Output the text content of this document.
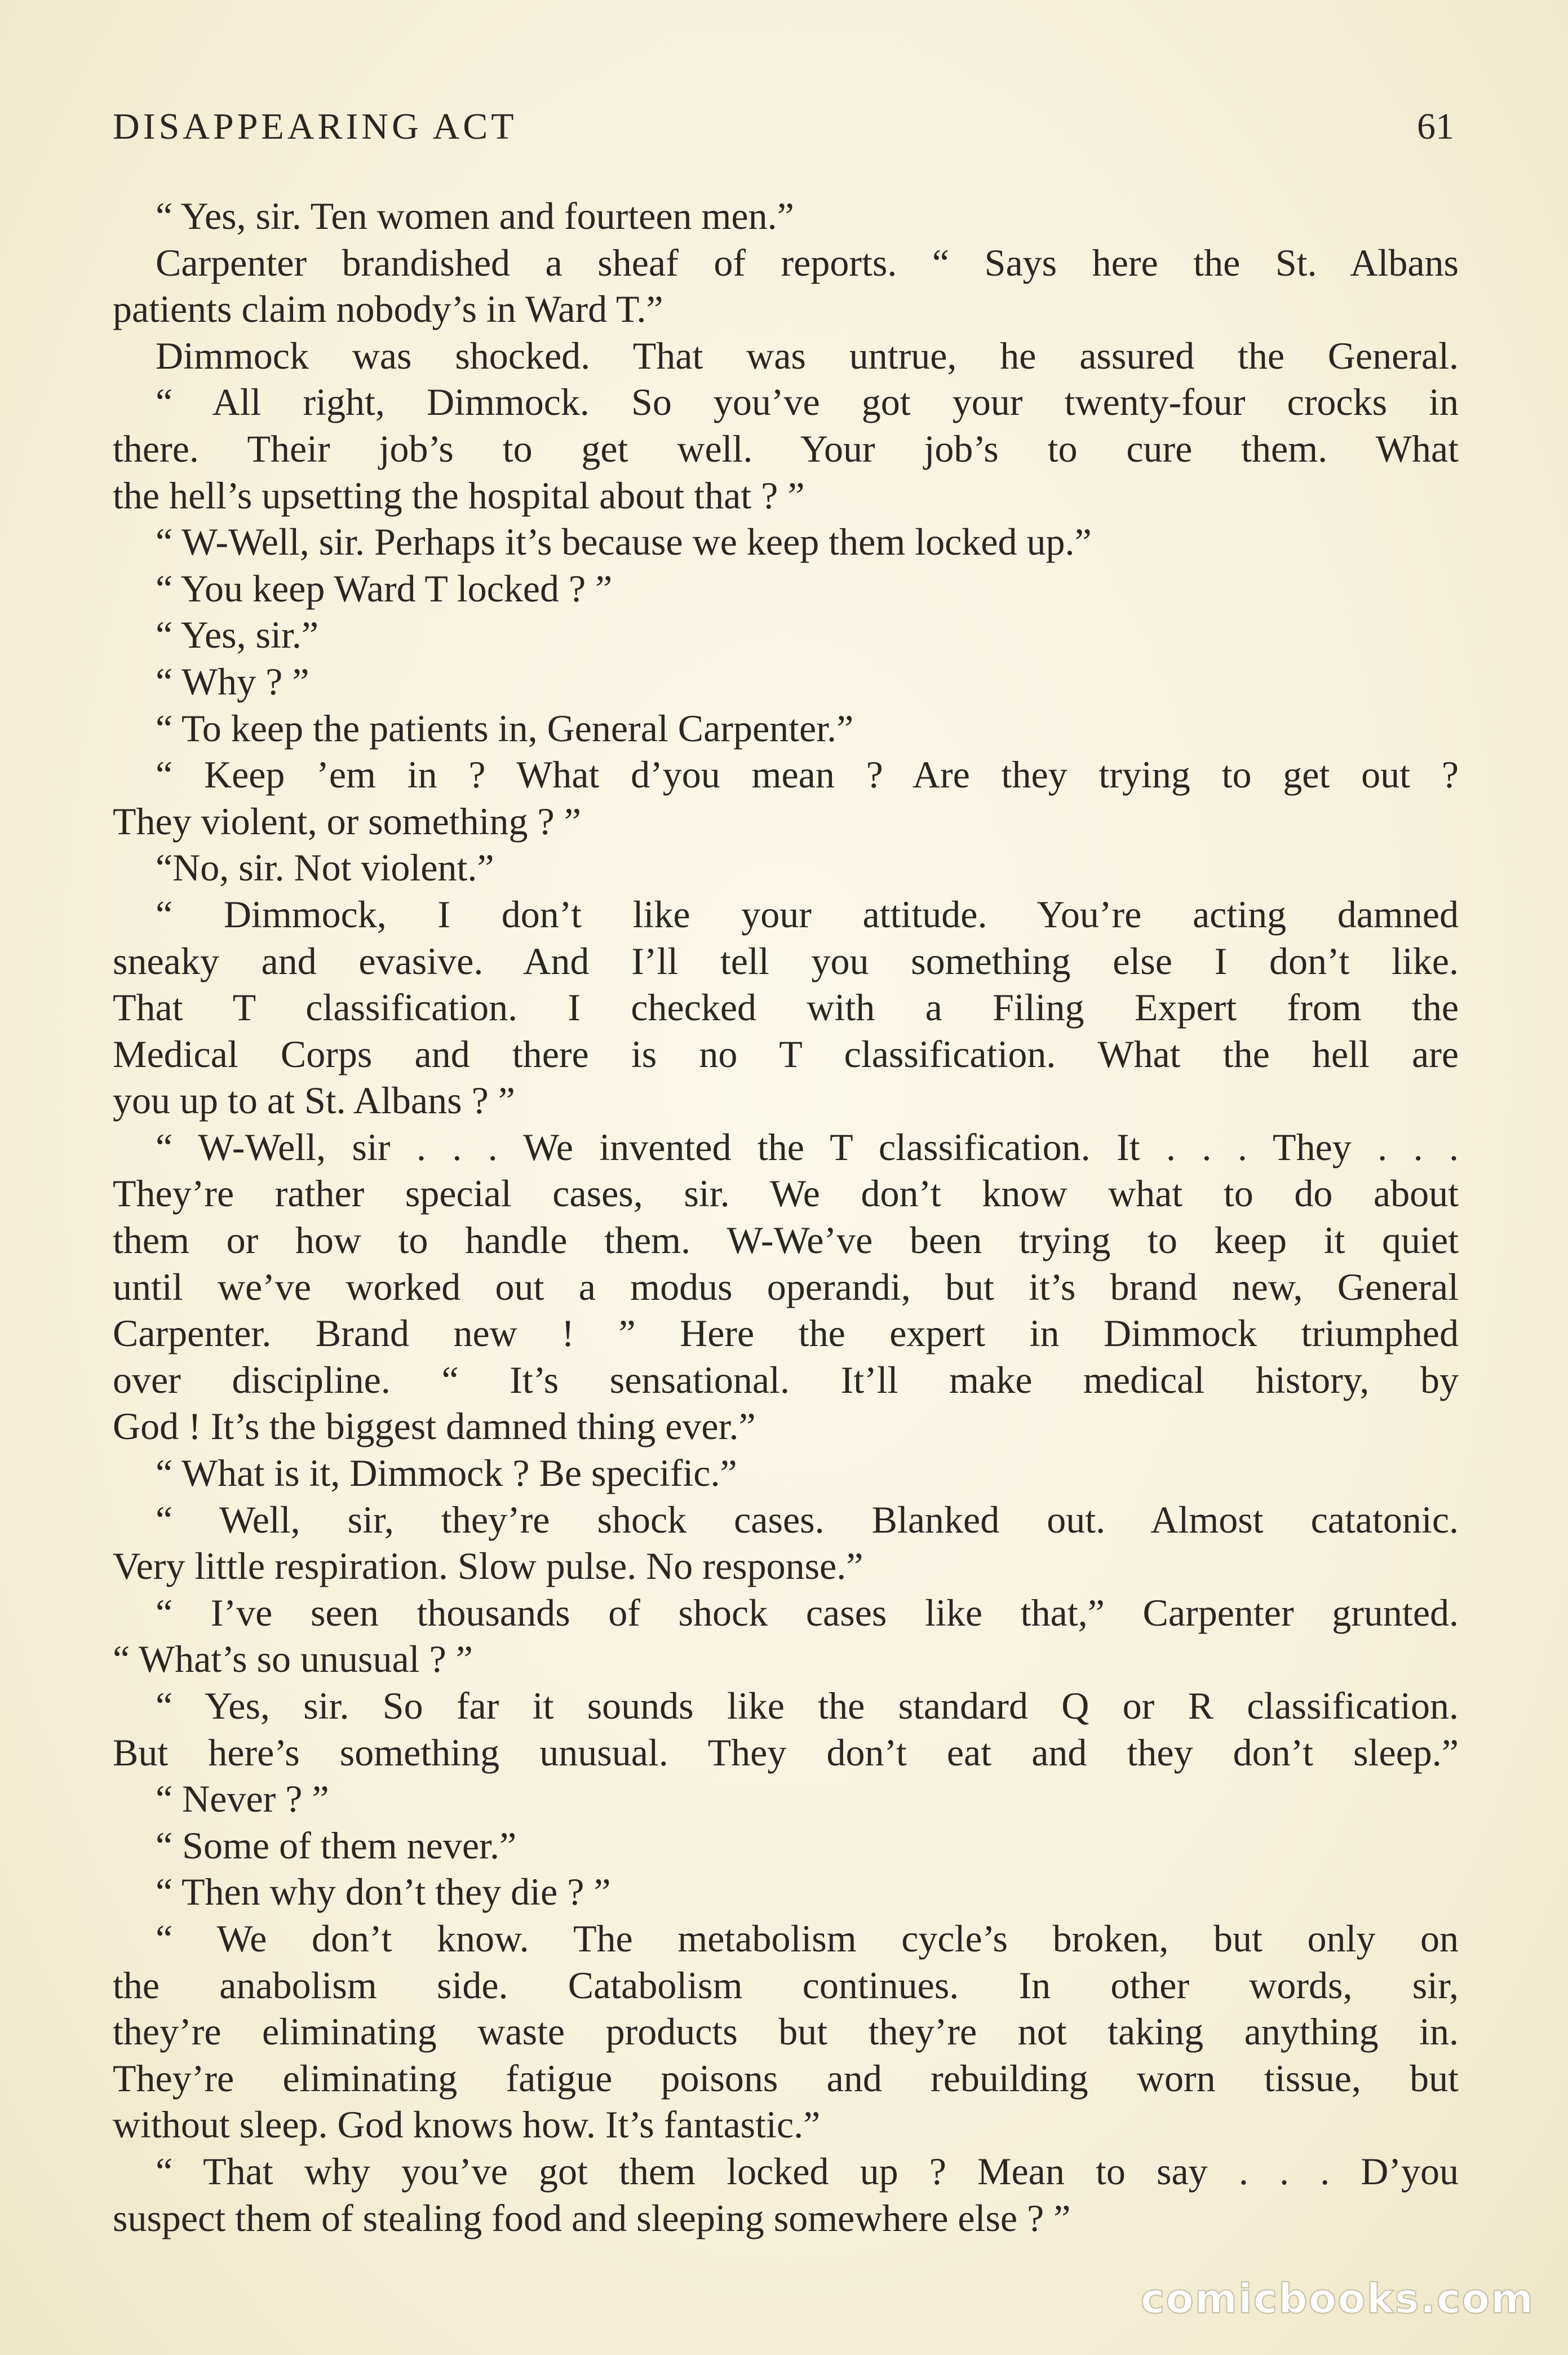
DISAPPEARING ACT	61
“ Yes, sir. Ten women and fourteen men.”
Carpenter brandished a sheaf of reports. “ Says here the St. Albans
patients claim nobody’s in Ward T.”
Dimmock was shocked. That was untrue, he assured the General.
“ All right, Dimmock. So you’ve got your twenty-four crocks in
there. Their job’s to get well. Your job’s to cure them. What
the hell’s upsetting the hospital about that ? ”
“ W-Well, sir. Perhaps it’s because we keep them locked up.”
“ You keep Ward T locked ? ”
“ Yes, sir.”
“ Why ? ”
“ To keep the patients in, General Carpenter.”
“ Keep ’em in ? What d’you mean ? Are they trying to get out ?
They violent, or something ? ”
“No, sir. Not violent.”
“ Dimmock, I don’t like your attitude. You’re acting damned
sneaky and evasive. And I’ll tell you something else I don’t like.
That T classification. I checked with a Filing Expert from the
Medical Corps and there is no T classification. What the hell are
you up to at St. Albans ? ”
“ W-Well, sir . . . We invented the T classification. It . . . They . . .
They’re rather special cases, sir. We don’t know what to do about
them or how to handle them. W-We’ve been trying to keep it quiet
until we’ve worked out a modus operandi, but it’s brand new, General
Carpenter. Brand new ! ” Here the expert in Dimmock triumphed
over discipline. “ It’s sensational. It’ll make medical history, by
God ! It’s the biggest damned thing ever.”
“ What is it, Dimmock ? Be specific.”
“ Well, sir, they’re shock cases. Blanked out. Almost catatonic.
Very little respiration. Slow pulse. No response.”
“ I’ve seen thousands of shock cases like that,” Carpenter grunted.
“ What’s so unusual ? ”
“ Yes, sir. So far it sounds like the standard Q or R classification.
But here’s something unusual. They don’t eat and they don’t sleep.”
“ Never ? ”
“ Some of them never.”
“ Then why don’t they die ? ”
“ We don’t know. The metabolism cycle’s broken, but only on
the anabolism side. Catabolism continues. In other words, sir,
they’re eliminating waste products but they’re not taking anything in.
They’re eliminating fatigue poisons and rebuilding worn tissue, but
without sleep. God knows how. It’s fantastic.”
“ That why you’ve got them locked up ? Mean to say . . . D’you
suspect them of stealing food and sleeping somewhere else ? ”
comicbooks.com
